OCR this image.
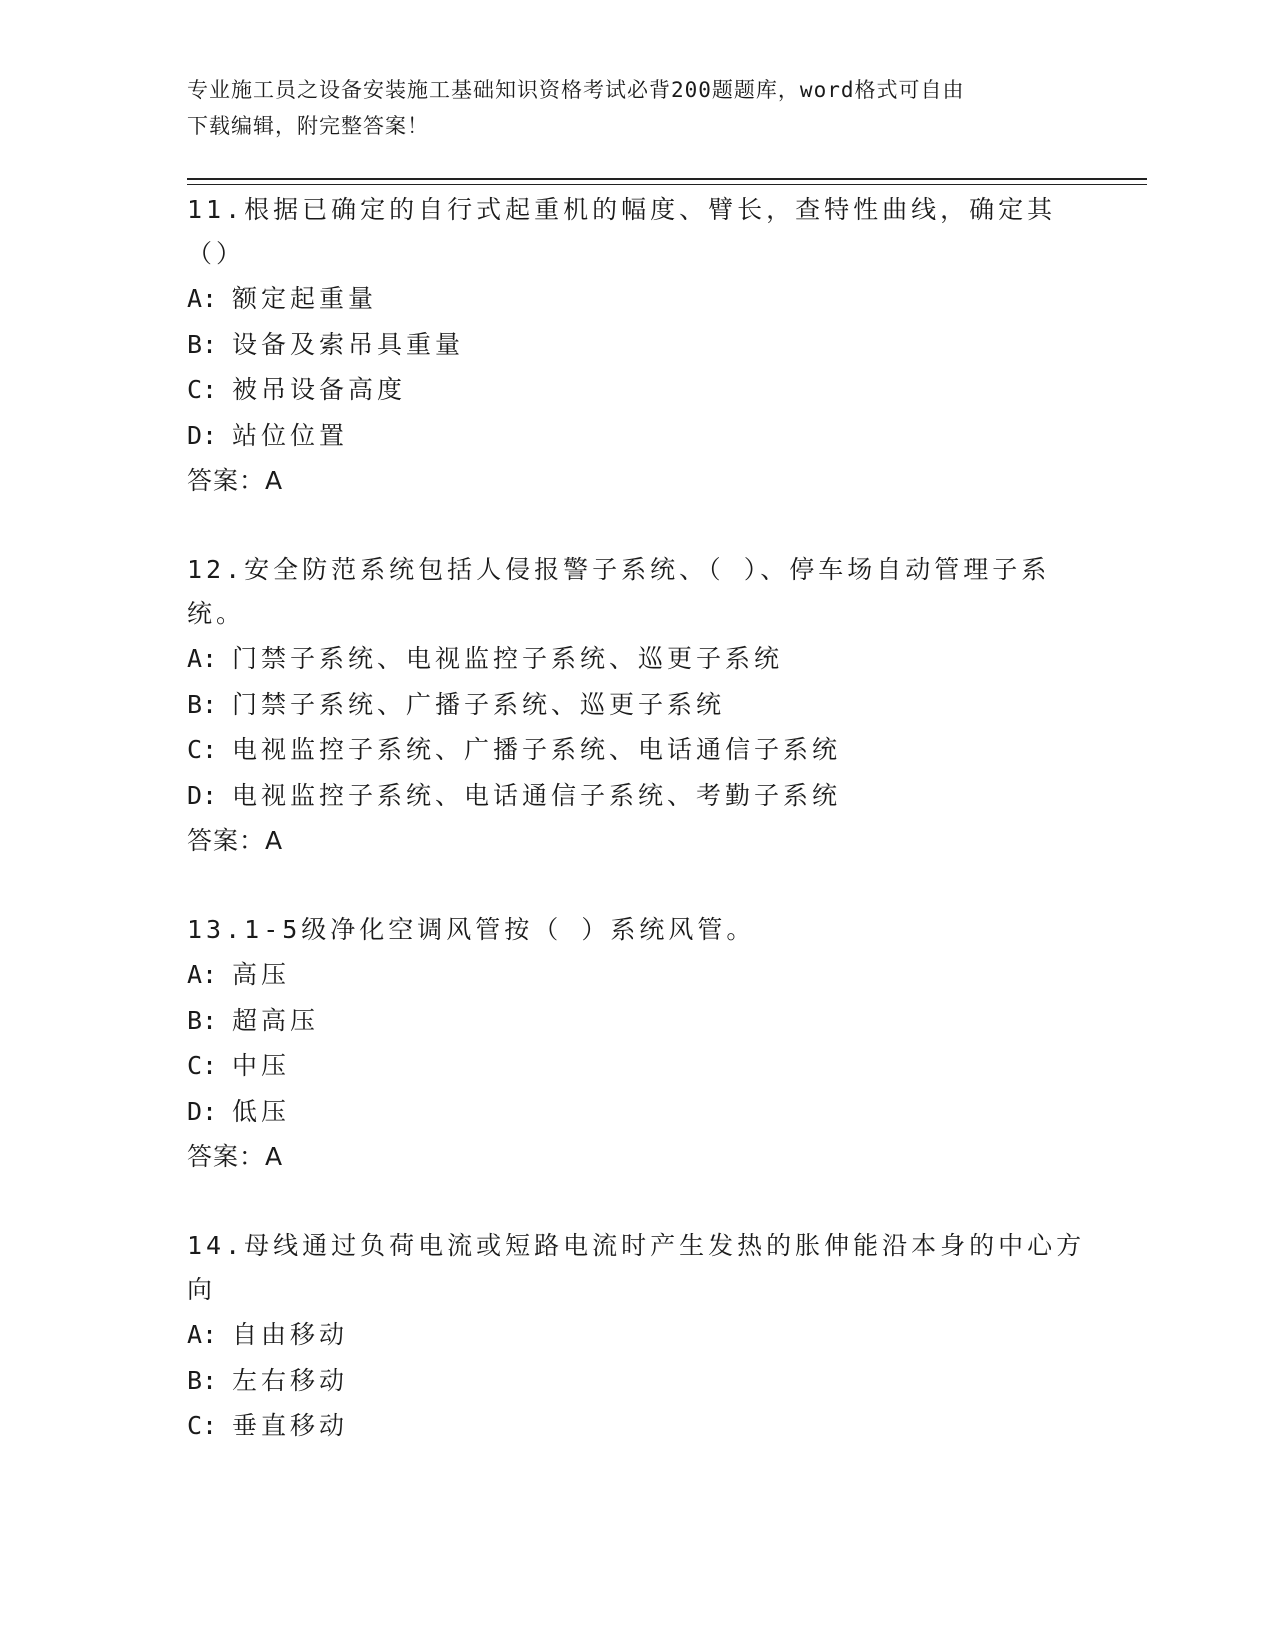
专业施工员之设备安装施工基础知识资格考试必背200题题库，word格式可自由
下载编辑，附完整答案！
11.根据已确定的自行式起重机的幅度、臂长，查特性曲线，确定其（）
A: 额定起重量
B: 设备及索吊具重量
C: 被吊设备高度
D: 站位位置
答案：A
12.安全防范系统包括人侵报警子系统、（ ）、停车场自动管理子系统。
A: 门禁子系统、电视监控子系统、巡更子系统
B: 门禁子系统、广播子系统、巡更子系统
C: 电视监控子系统、广播子系统、电话通信子系统
D: 电视监控子系统、电话通信子系统、考勤子系统
答案：A
13.1-5级净化空调风管按（ ）系统风管。
A: 高压
B: 超高压
C: 中压
D: 低压
答案：A
14.母线通过负荷电流或短路电流时产生发热的胀伸能沿本身的中心方向
A: 自由移动
B: 左右移动
C: 垂直移动
